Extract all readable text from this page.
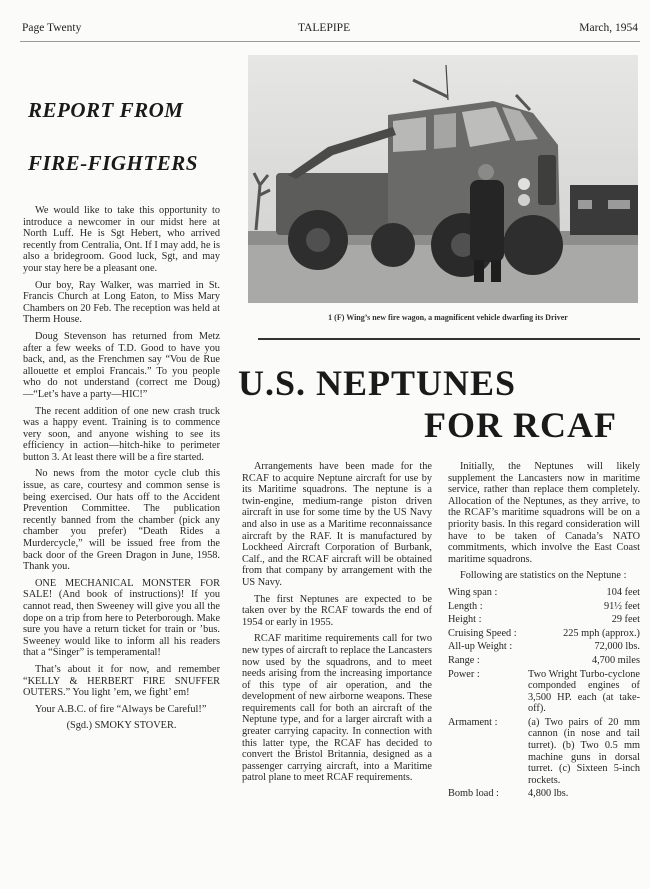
Page Twenty	TALEPIPE	March, 1954
REPORT FROM
FIRE-FIGHTERS

We would like to take this opportunity to introduce a newcomer in our midst here at North Luff. He is Sgt Hebert, who arrived recently from Centralia, Ont. If I may add, he is also a bridegroom. Good luck, Sgt, and may your stay here be a pleasant one.

Our boy, Ray Walker, was married in St. Francis Church at Long Eaton, to Miss Mary Chambers on 20 Feb. The reception was held at Therm House.

Doug Stevenson has returned from Metz after a few weeks of T.D. Good to have you back, and, as the Frenchmen say “Vou de Rue allouette et emploi Francais.” To you people who do not understand (correct me Doug)—“Let’s have a party—HIC!”

The recent addition of one new crash truck was a happy event. Training is to commence very soon, and anyone wishing to see its efficiency in action—hitch-hike to perimeter button 3. At least there will be a fire started.

No news from the motor cycle club this issue, as care, courtesy and common sense is being exercised. Our hats off to the Accident Prevention Committee. The publication recently banned from the chamber (pick any chamber you prefer) “Death Rides a Murdercycle,” will be issued free from the back door of the Green Dragon in June, 1958. Thank you.

ONE MECHANICAL MONSTER FOR SALE! (And book of instructions)! If you cannot read, then Sweeney will give you all the dope on a trip from here to Peterborough. Make sure you have a return ticket for train or ’bus. Sweeney would like to inform all his readers that a “Singer” is temperamental!

That’s about it for now, and remember “KELLY & HERBERT FIRE SNUFFER OUTERS.” You light ’em, we fight’ em!

Your A.B.C. of fire “Always be Careful!”

(Sgd.) SMOKY STOVER.

1 (F) Wing’s new fire wagon, a magnificent vehicle dwarfing its Driver
U.S. NEPTUNES
FOR RCAF

Arrangements have been made for the RCAF to acquire Neptune aircraft for use by its Maritime squadrons. The neptune is a twin-engine, medium-range piston driven aircraft in use for some time by the US Navy and also in use as a Maritime reconnaissance aircraft by the RAF. It is manufactured by Lockheed Aircraft Corporation of Burbank, Calf., and the RCAF aircraft will be obtained from that company by arrangement with the US Navy.

The first Neptunes are expected to be taken over by the RCAF towards the end of 1954 or early in 1955.

RCAF maritime requirements call for two new types of aircraft to replace the Lancasters now used by the squadrons, and to meet needs arising from the increasing importance of this type of air operation, and the development of new airborne weapons. These requirements call for both an aircraft of the Neptune type, and for a larger aircraft with a greater carrying capacity. In connection with this latter type, the RCAF has decided to convert the Bristol Britannia, designed as a passenger carrying aircraft, into a Maritime patrol plane to meet RCAF requirements.

Initially, the Neptunes will likely supplement the Lancasters now in maritime service, rather than replace them completely. Allocation of the Neptunes, as they arrive, to the RCAF’s maritime squadrons will be on a priority basis. In this regard consideration will have to be taken of Canada’s NATO commitments, which involve the East Coast maritime squadrons.

Following are statistics on the Neptune :

Wing span :	104 feet
Length :	91½ feet
Height :	29 feet
Cruising Speed :	225 mph (approx.)
All-up Weight :	72,000 lbs.
Range :	4,700 miles
Power :	Two Wright Turbo-cyclone componded engines of 3,500 HP. each (at take-off).
Armament :	(a) Two pairs of 20 mm cannon (in nose and tail turret). (b) Two 0.5 mm machine guns in dorsal turret. (c) Sixteen 5-inch rockets.
Bomb load :	4,800 lbs.
